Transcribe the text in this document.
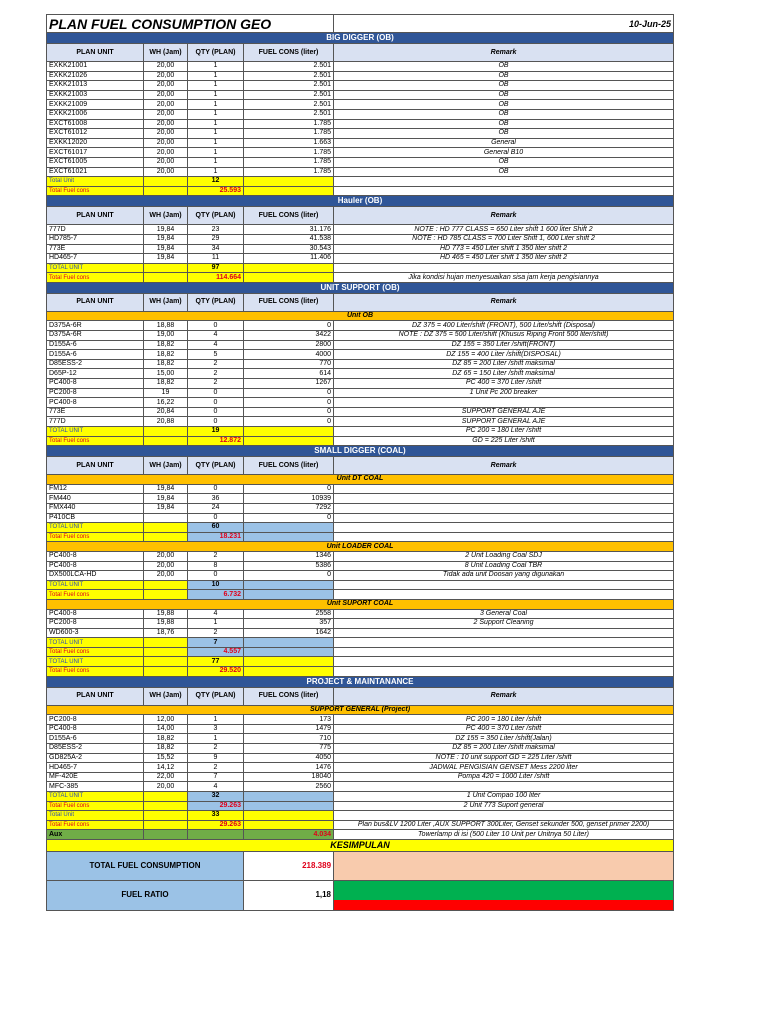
PLAN FUEL CONSUMPTION GEO				10-Jun-25
BIG DIGGER (OB)				
PLAN UNIT	WH (Jam)	QTY (PLAN)	FUEL CONS (liter)	Remark
EXKK21001	20,00	1	2.501	OB
EXKK21026	20,00	1	2.501	OB
EXKK21013	20,00	1	2.501	OB
EXKK21003	20,00	1	2.501	OB
EXKK21009	20,00	1	2.501	OB
EXKK21006	20,00	1	2.501	OB
EXCT61008	20,00	1	1.785	OB
EXCT61012	20,00	1	1.785	OB
EXKK12020	20,00	1	1.663	General
EXCT61017	20,00	1	1.785	General B10
EXCT61005	20,00	1	1.785	OB
EXCT61021	20,00	1	1.785	OB
Total Unit		12		
Total Fuel cons		25.593		
Hauler (OB)				
PLAN UNIT	WH (Jam)	QTY (PLAN)	FUEL CONS (liter)	Remark
777D	19,84	23	31.176	NOTE : HD 777 CLASS = 650 Liter shift 1 600 liter Shift 2
HD785-7	19,84	29	41.538	NOTE : HD 785 CLASS = 700 Liter Shift 1, 600 Liter shift 2
773E	19,84	34	30.543	HD 773 = 450 Liter shift 1 350 liter shift 2
HD465-7	19,84	11	11.406	HD 465 = 450 Liter shift 1 350 liter shift 2
TOTAL UNIT		97		
Total Fuel cons		114.664		Jika kondisi hujan menyesuaikan sisa jam kerja pengisiannya
UNIT SUPPORT (OB)				
PLAN UNIT	WH (Jam)	QTY (PLAN)	FUEL CONS (liter)	Remark
Unit OB				
D375A-6R	18,88	0	0	DZ 375 = 400 Liter/shift (FRONT), 500 Liter/shift (Disposal)
D375A-6R	19,00	4	3422	NOTE : DZ 375 = 500 Liter/shift (Khusus Riping Front 500 liter/shift)
D155A-6	18,82	4	2800	DZ 155 = 350 Liter /shift(FRONT)
D155A-6	18,82	5	4000	DZ 155 = 400 Liter /shift(DISPOSAL)
D85ESS-2	18,82	2	770	DZ 85 = 200 Liter /shift maksimal
D65P-12	15,00	2	614	DZ 65 = 150 Liter /shift maksimal
PC400-8	18,82	2	1267	PC 400 = 370 Liter /shift
PC200-8	19	0	0	1 Unit Pc 200 breaker
PC400-8	16,22	0	0	
773E	20,84	0	0	SUPPORT GENERAL AJE
777D	20,88	0	0	SUPPORT GENERAL AJE
TOTAL UNIT		19		PC 200 = 180 Liter /shift
Total Fuel cons		12.872		GD = 225 Liter /shift
SMALL DIGGER (COAL)				
PLAN UNIT	WH (Jam)	QTY (PLAN)	FUEL CONS (liter)	Remark
Unit DT COAL				
FM12	19,84	0	0	
FM440	19,84	36	10939	
FMX440	19,84	24	7292	
P410CB		0	0	
TOTAL UNIT		60		
Total Fuel cons		18.231		
Unit LOADER COAL				
PC400-8	20,00	2	1346	2 Unit Loading Coal SDJ
PC400-8	20,00	8	5386	8 Unit Loading Coal TBR
DX500LCA-HD	20,00	0	0	Tidak ada unit Doosan yang digunakan
TOTAL UNIT		10		
Total Fuel cons		6.732		
Unit SUPORT COAL				
PC400-8	19,88	4	2558	3 General Coal
PC200-8	19,88	1	357	2 Support Cleaning
WD600-3	18,76	2	1642	
TOTAL UNIT		7		
Total Fuel cons		4.557		
TOTAL UNIT		77		
Total Fuel cons		29.520		
PROJECT & MAINTANANCE				
PLAN UNIT	WH (Jam)	QTY (PLAN)	FUEL CONS (liter)	Remark
SUPPORT GENERAL (Project)				
PC200-8	12,00	1	173	PC 200 = 180 Liter /shift
PC400-8	14,00	3	1479	PC 400 = 370 Liter /shift
D155A-6	18,82	1	710	DZ 155 = 350 Liter /shift(Jalan)
D85ESS-2	18,82	2	775	DZ 85 = 200 Liter /shift maksimal
GD825A-2	15,52	9	4050	NOTE : 10 unit support GD = 225 Liter /shift
HD465-7	14,12	2	1476	JADWAL PENGISIAN GENSET Mess 2200 liter
MF-420E	22,00	7	18040	Pompa 420 = 1000 Liter /shift
MFC-385	20,00	4	2560	
TOTAL UNIT		32		1 Unit Compao 100 liter
Total Fuel cons		29.263		2 Unit 773 Suport general
Total Unit		33		
Total Fuel cons		29.263		Plan bus&LV 1200 Liter ,AUX SUPPORT 300Liter, Genset sekunder 500, genset primer 2200)
Aux			4.034	Towerlamp di isi (500 Liter 10 Unit per Unitnya 50 Liter)
KESIMPULAN				
TOTAL FUEL CONSUMPTION			218.389	
FUEL RATIO			1,18	
